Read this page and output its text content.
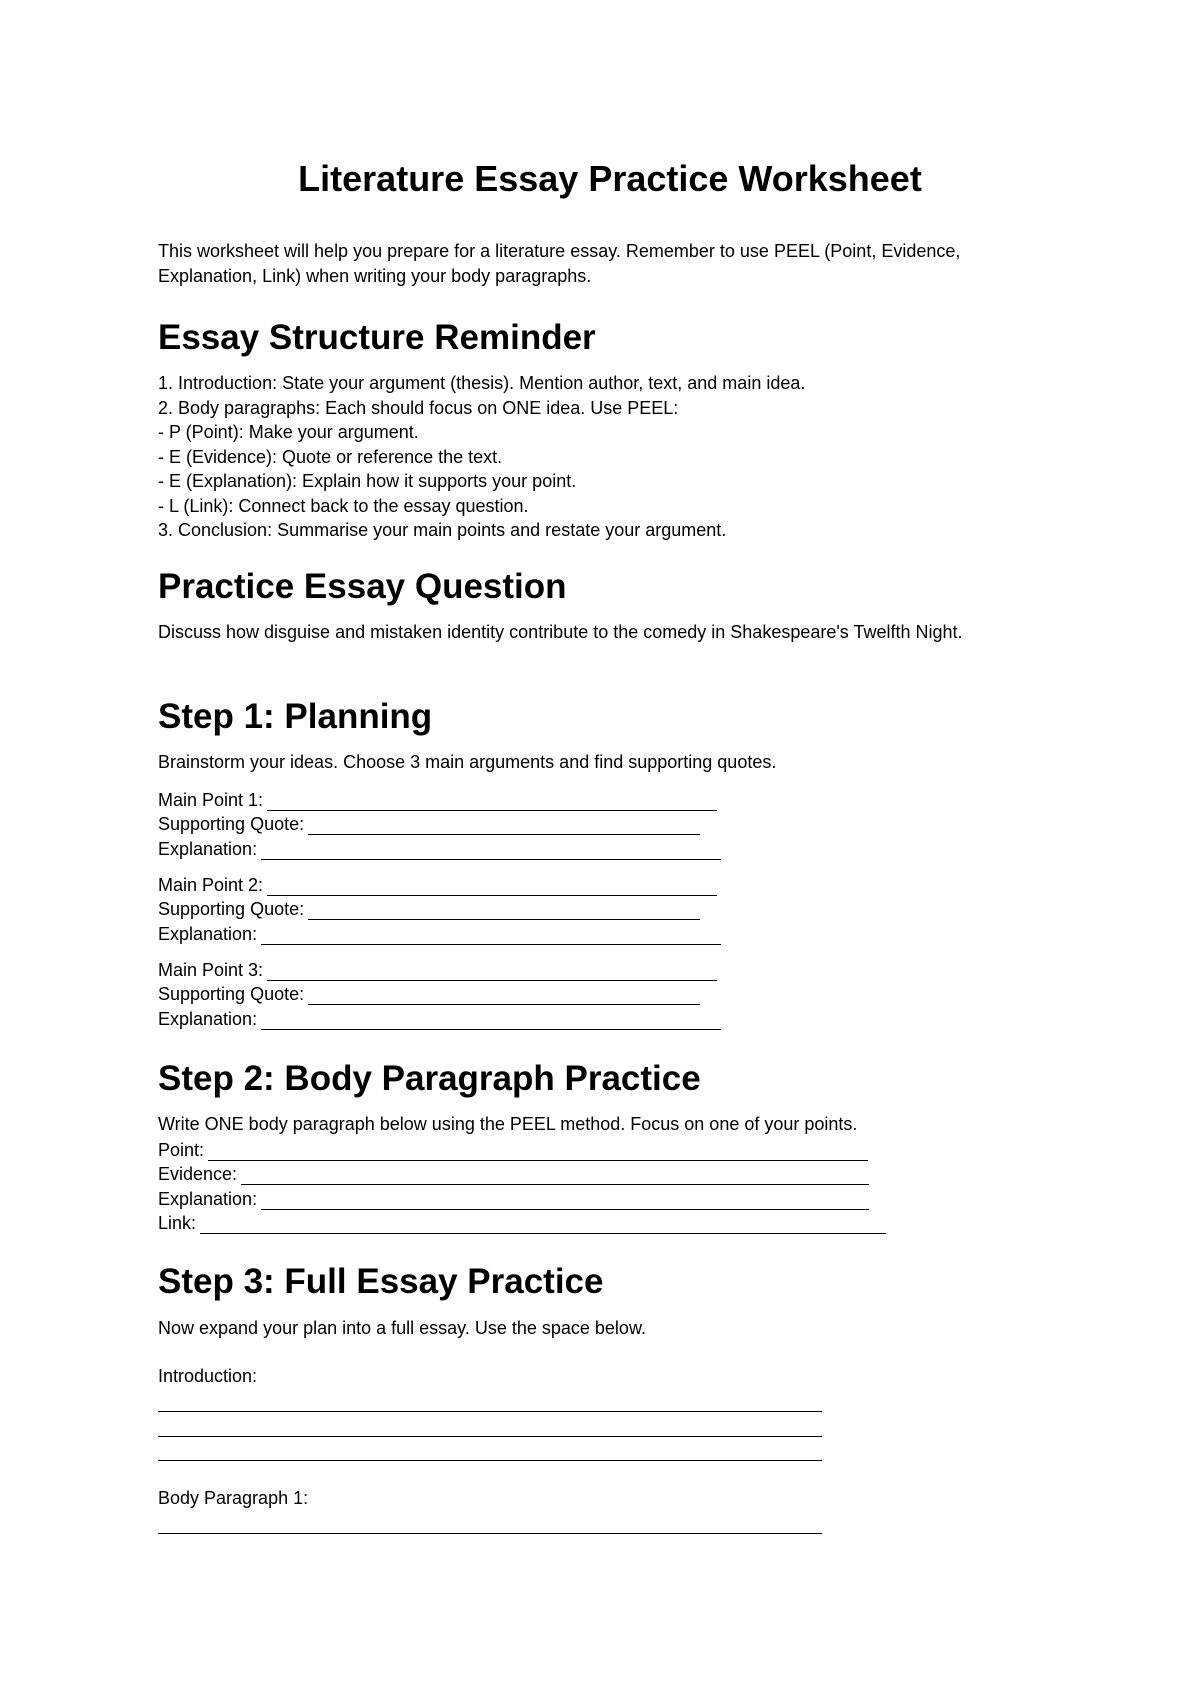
Literature Essay Practice Worksheet

This worksheet will help you prepare for a literature essay. Remember to use PEEL (Point, Evidence, Explanation, Link) when writing your body paragraphs.

Essay Structure Reminder
1. Introduction: State your argument (thesis). Mention author, text, and main idea.
2. Body paragraphs: Each should focus on ONE idea. Use PEEL:
- P (Point): Make your argument.
- E (Evidence): Quote or reference the text.
- E (Explanation): Explain how it supports your point.
- L (Link): Connect back to the essay question.
3. Conclusion: Summarise your main points and restate your argument.
Practice Essay Question

Discuss how disguise and mistaken identity contribute to the comedy in Shakespeare's Twelfth Night.

Step 1: Planning

Brainstorm your ideas. Choose 3 main arguments and find supporting quotes.

Main Point 1:
Supporting Quote:
Explanation:
Main Point 2:
Supporting Quote:
Explanation:
Main Point 3:
Supporting Quote:
Explanation:
Step 2: Body Paragraph Practice

Write ONE body paragraph below using the PEEL method. Focus on one of your points.

Point:
Evidence:
Explanation:
Link:
Step 3: Full Essay Practice

Now expand your plan into a full essay. Use the space below.

Introduction:

Body Paragraph 1:
